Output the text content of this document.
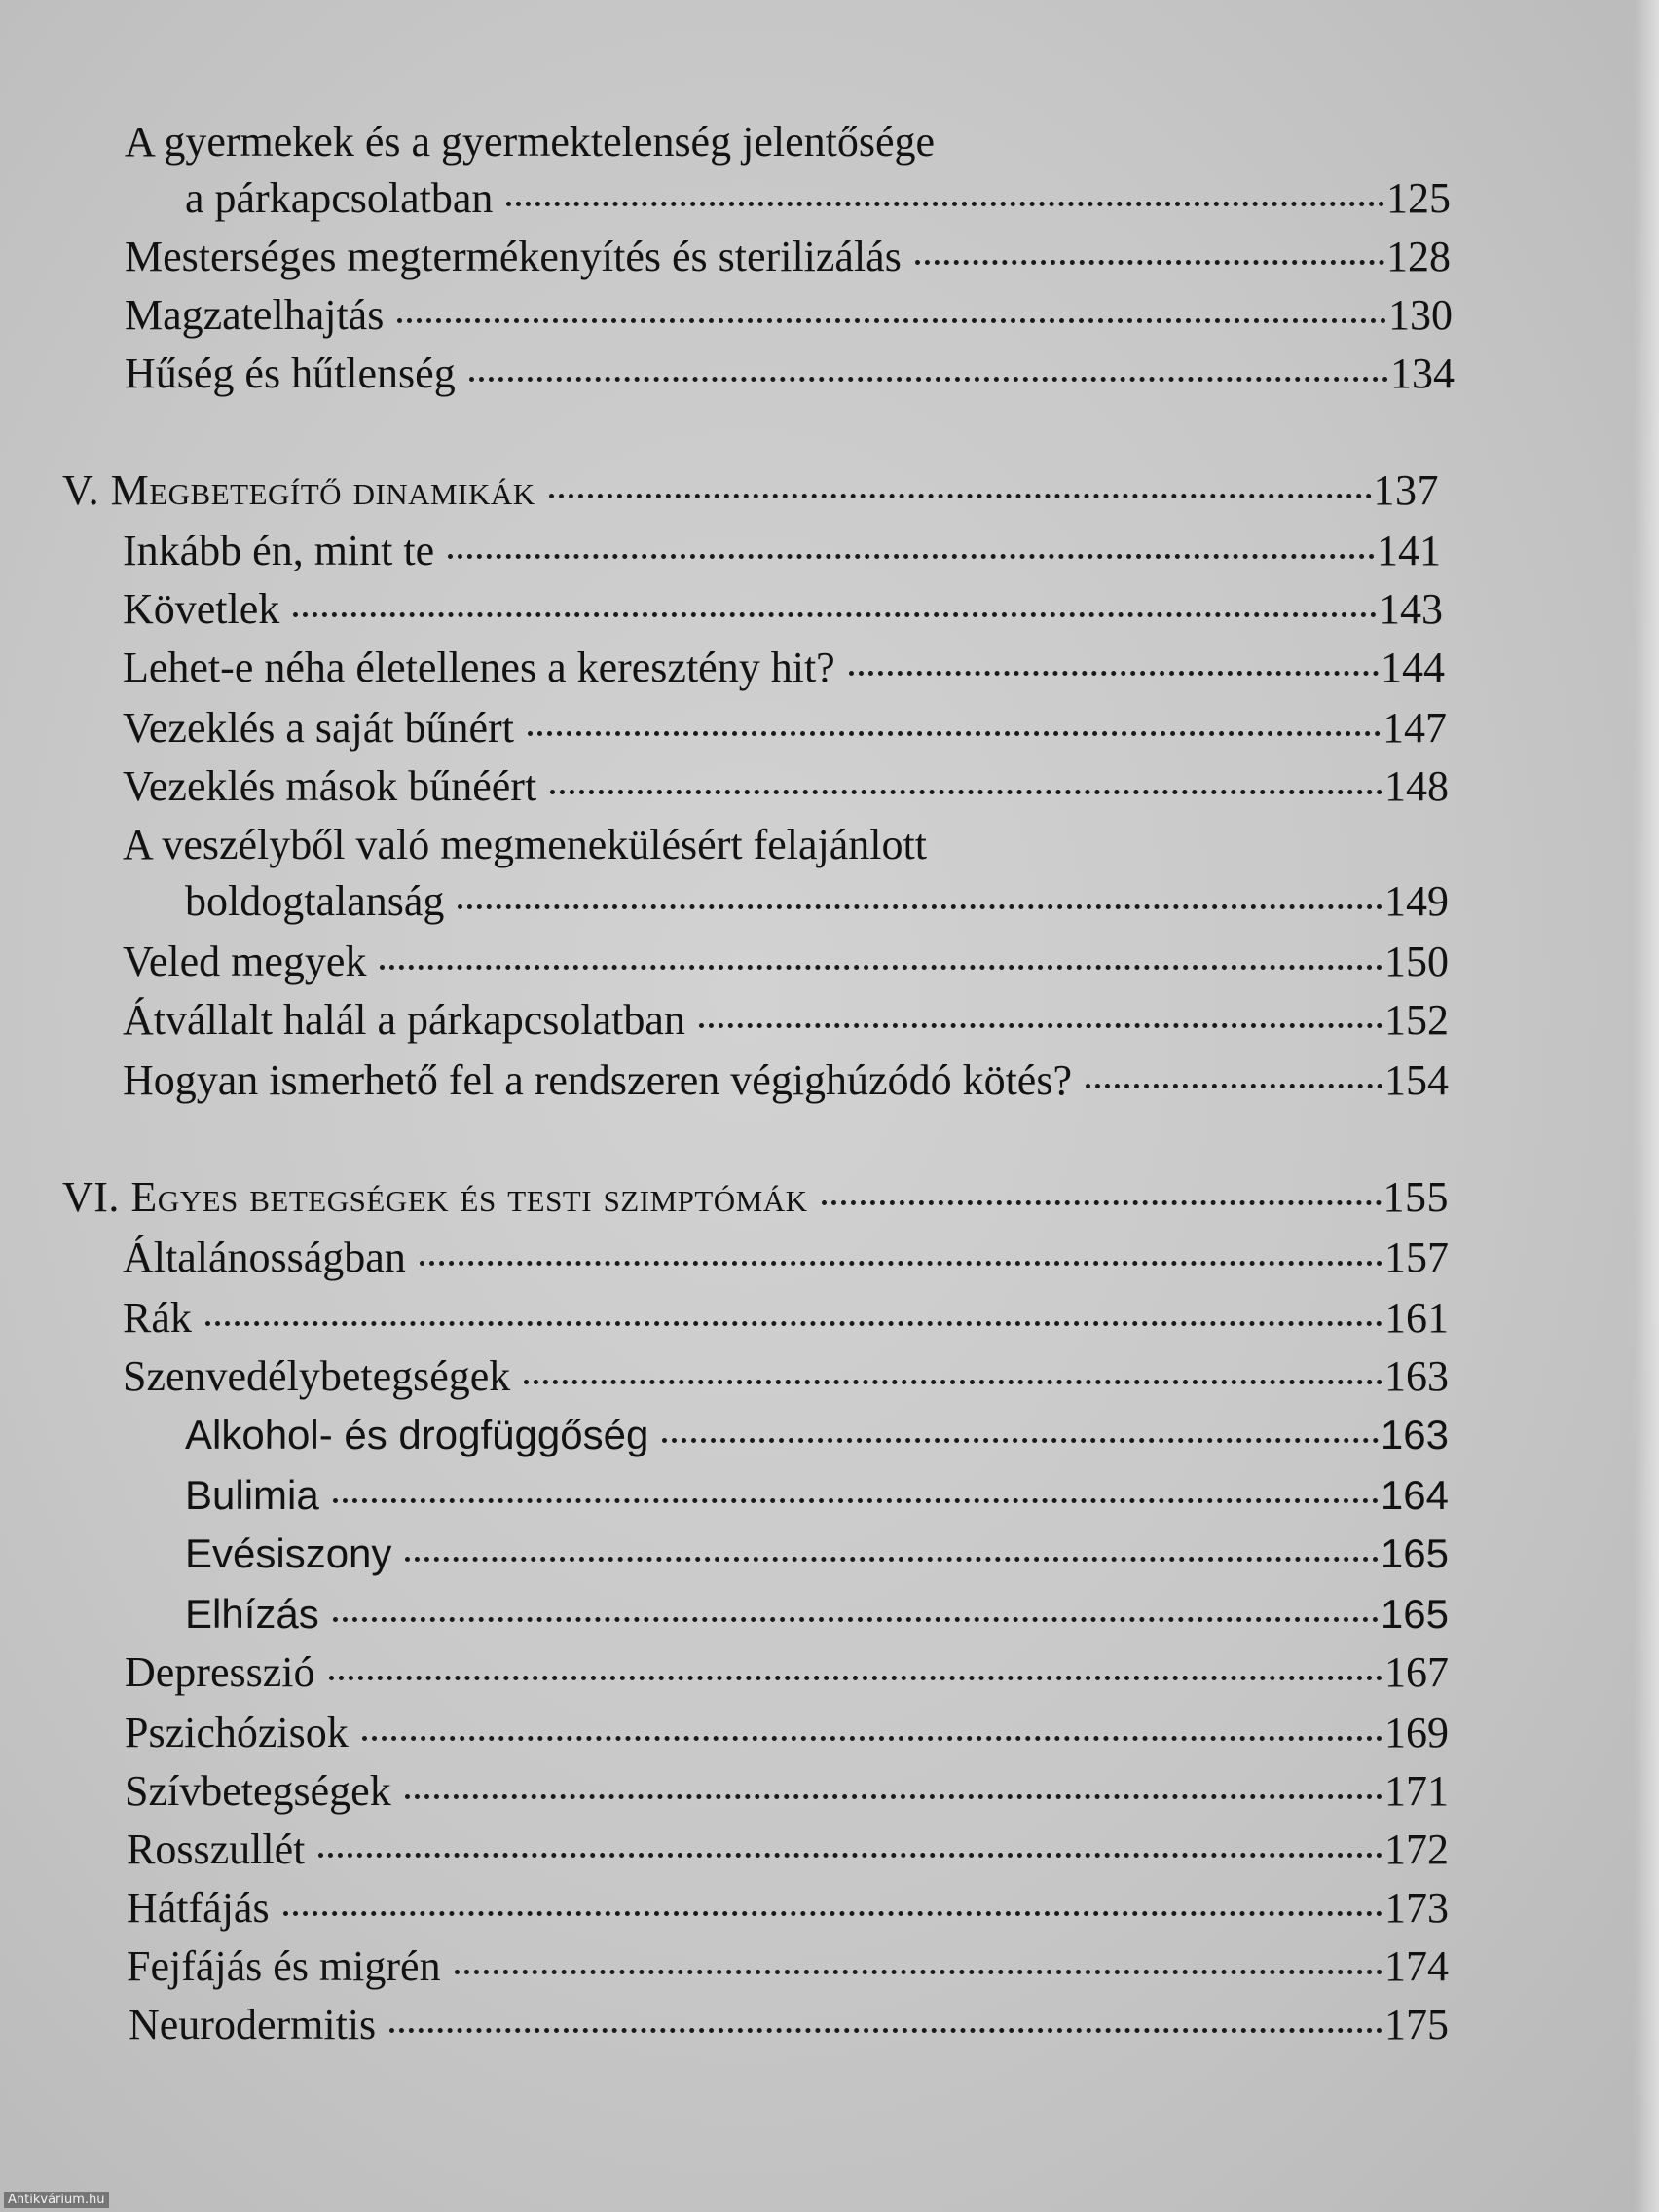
A gyermekek és a gyermektelenség jelentősége
a párkapcsolatban	125
Mesterséges megtermékenyítés és sterilizálás	128
Magzatelhajtás	130
Hűség és hűtlenség	134
V. Megbetegítő dinamikák	137
Inkább én, mint te	141
Követlek	143
Lehet-e néha életellenes a keresztény hit?	144
Vezeklés a saját bűnért	147
Vezeklés mások bűnéért	148
A veszélyből való megmenekülésért felajánlott
boldogtalanság	149
Veled megyek	150
Átvállalt halál a párkapcsolatban	152
Hogyan ismerhető fel a rendszeren végighúzódó kötés?	154
VI. Egyes betegségek és testi szimptómák	155
Általánosságban	157
Rák	161
Szenvedélybetegségek	163
Alkohol- és drogfüggőség	163
Bulimia	164
Evésiszony	165
Elhízás	165
Depresszió	167
Pszichózisok	169
Szívbetegségek	171
Rosszullét	172
Hátfájás	173
Fejfájás és migrén	174
Neurodermitis	175
Antikvárium.hu
